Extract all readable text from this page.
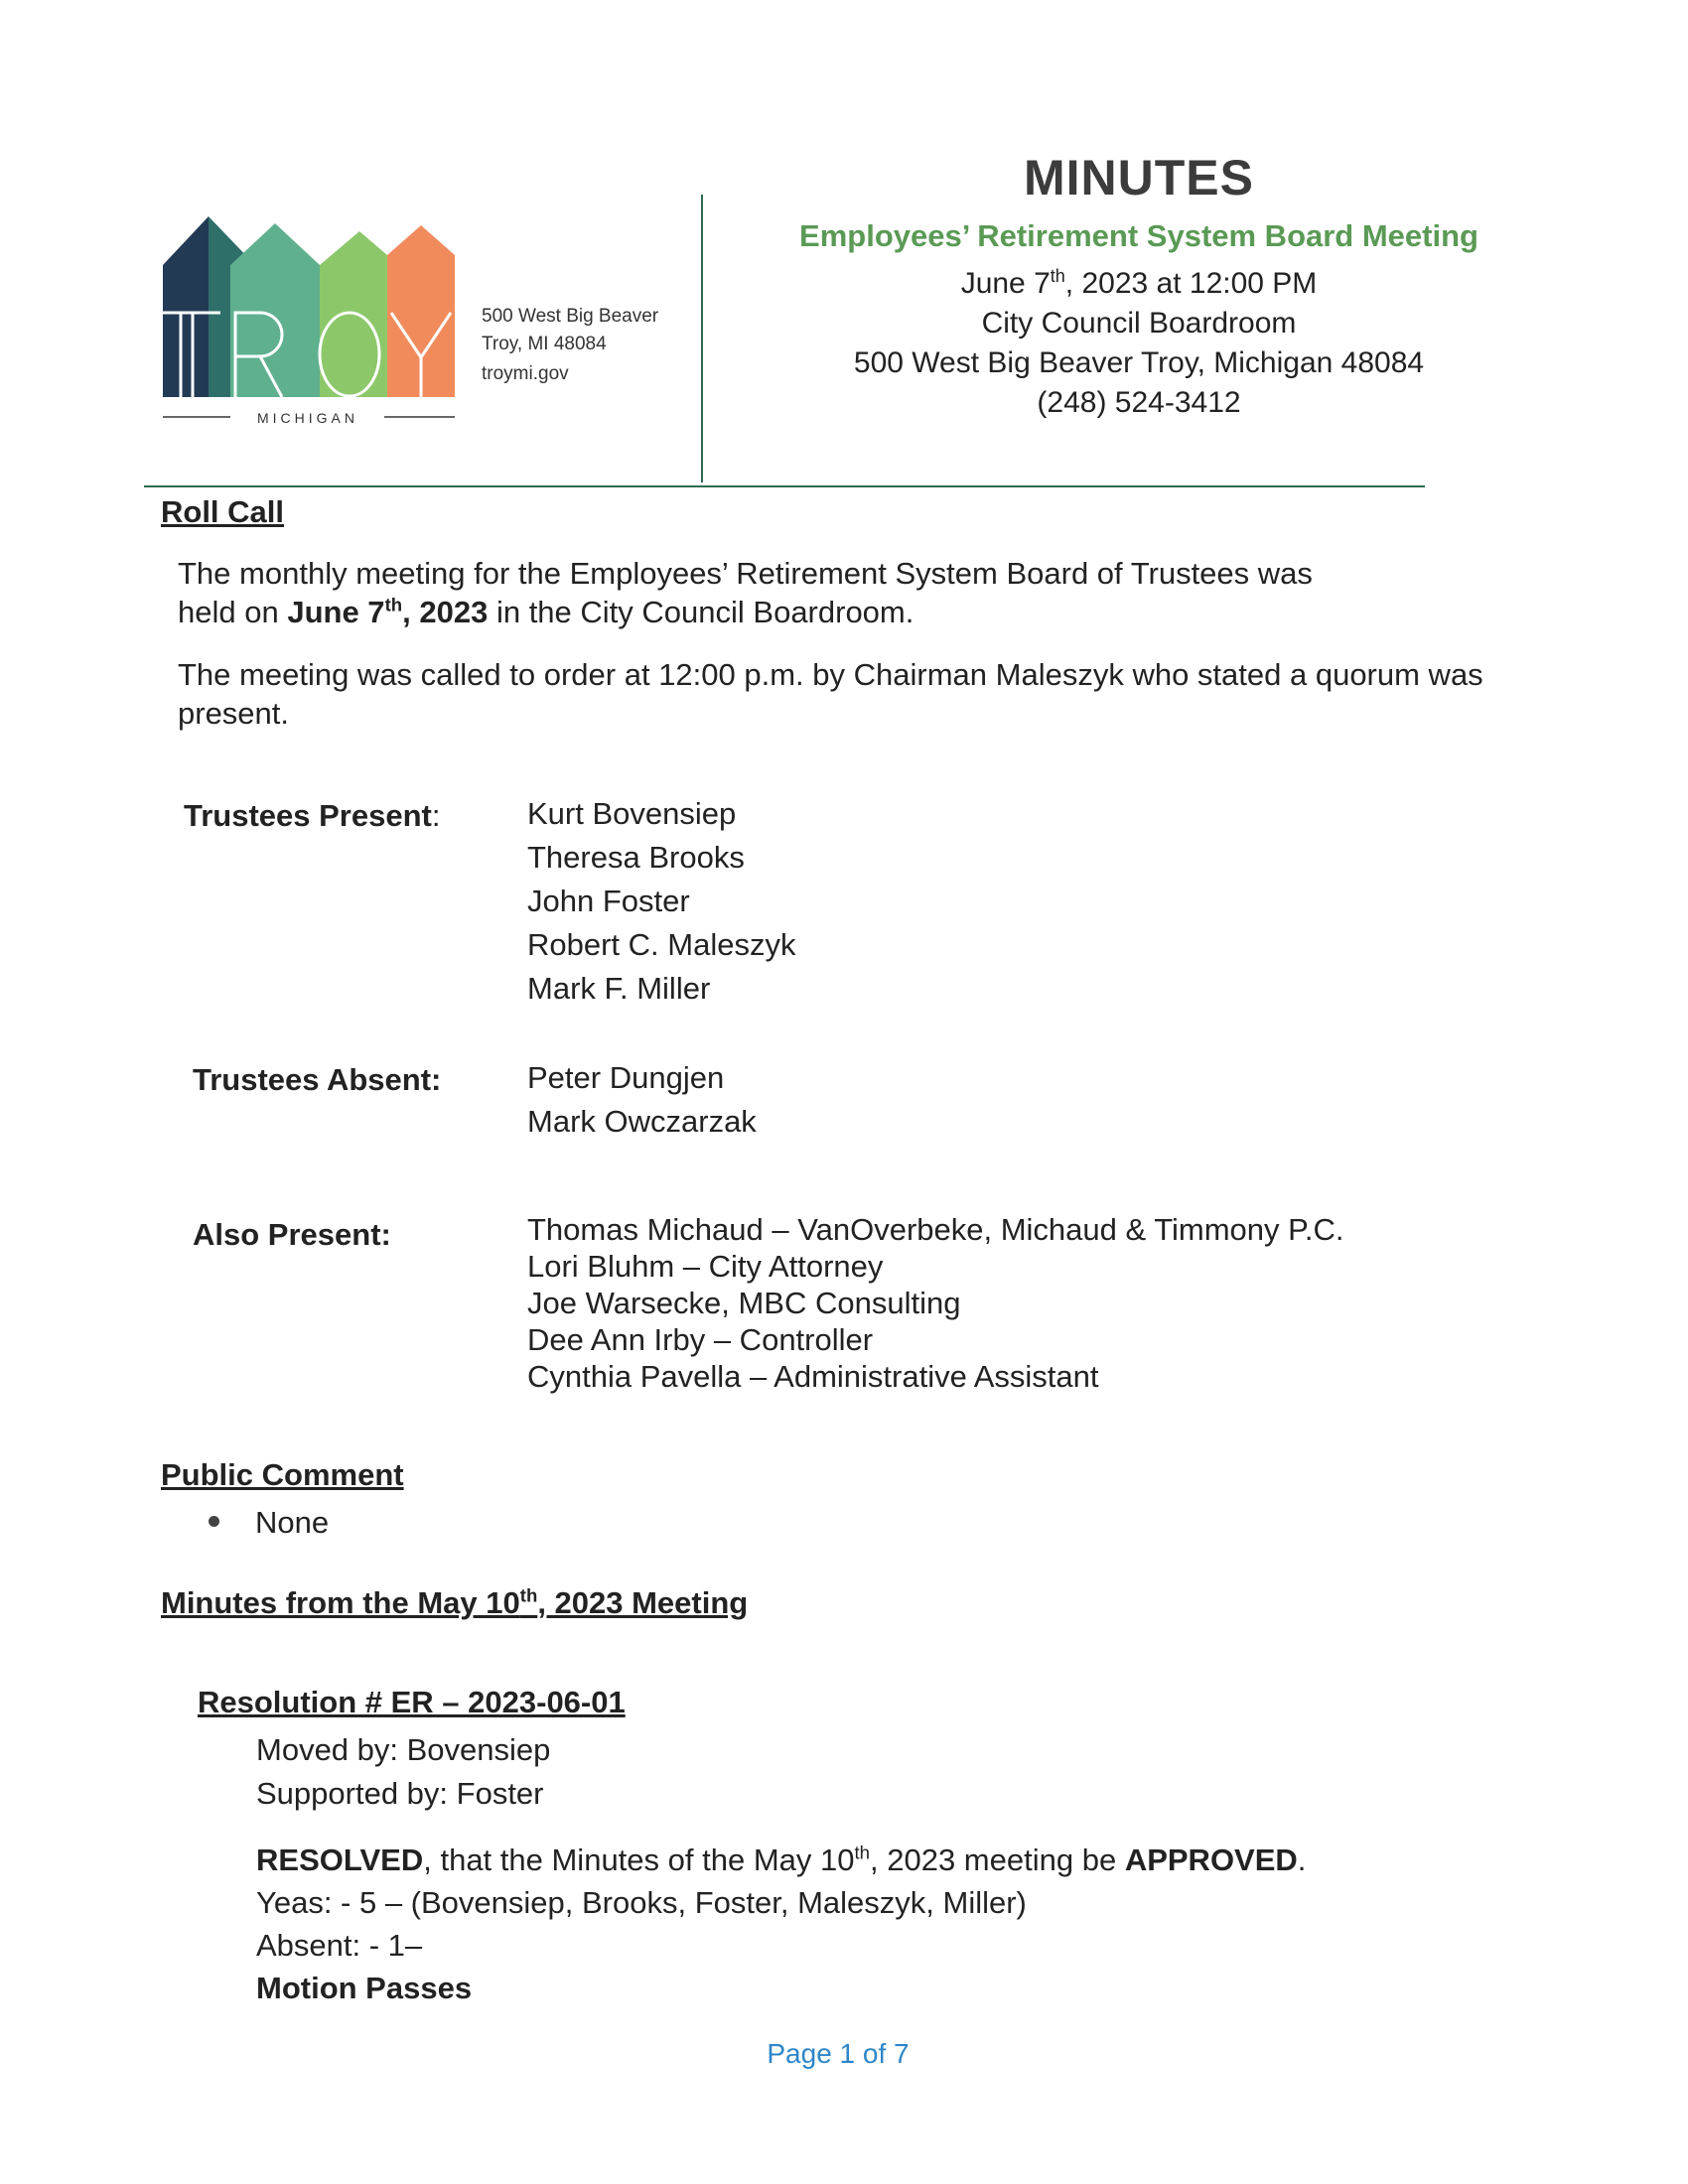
MICHIGAN
500 West Big Beaver
Troy, MI 48084
troymi.gov
MINUTES
Employees’ Retirement System Board Meeting
June 7th, 2023 at 12:00 PM
City Council Boardroom
500 West Big Beaver Troy, Michigan 48084
(248) 524-3412
Roll Call
The monthly meeting for the Employees’ Retirement System Board of Trustees was
held on June 7th, 2023 in the City Council Boardroom.
The meeting was called to order at 12:00 p.m. by Chairman Maleszyk who stated a quorum was present.
Trustees Present:	Kurt Bovensiep
Theresa Brooks
John Foster
Robert C. Maleszyk
Mark F. Miller
Trustees Absent:	Peter Dungjen
Mark Owczarzak
Also Present:	Thomas Michaud – VanOverbeke, Michaud & Timmony P.C.
Lori Bluhm – City Attorney
Joe Warsecke, MBC Consulting
Dee Ann Irby – Controller
Cynthia Pavella – Administrative Assistant
Public Comment
None
Minutes from the May 10th, 2023 Meeting
Resolution # ER – 2023-06-01
Moved by: Bovensiep
Supported by: Foster
RESOLVED, that the Minutes of the May 10th, 2023 meeting be APPROVED.
Yeas: - 5 – (Bovensiep, Brooks, Foster, Maleszyk, Miller)
Absent: - 1–
Motion Passes
Page 1 of 7
